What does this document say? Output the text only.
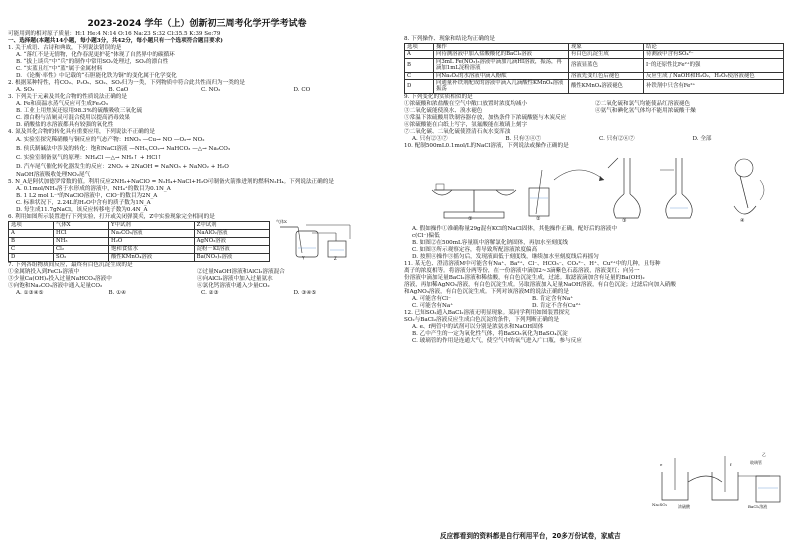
2023-2024 学年（上）创新初三周考化学开学考试卷
可能用到的相对原子质量：H:1 He:4 N:14 O:16 Na:23 S:32 Cl:35.5 K:39 Se:79
一、选择题(本题共14小题，每小题3分，共42分，每小题只有一个选项符合题目要求)
1. 关于成语、古诗和典故，下列说法错误的是
A. “落红不是无情物，化作春泥更护花”体现了自然界中的碳循环
B. “拔上谈兵”中“兵”的制作中常用SO₂处理过，SO₂的漂白性
C. “实蓝且红”中“蓝”属于金属材料
D. 《论衡·率性》中记载的“石胆能化铁为铜”的变化属于化学变化
2. 根据某种特性，将CO₂、P₂O₅、SO₂、SO₂归为一类，下列物质中符合此共性而归为一类的是
A. SO₃	B. CaO	C. NO₂	D. CO
3. 下列关于元素及其化合物的性质说法正确的是
A. Fe和高温水蒸气反应可生成Fe₂O₃
B. 工业上用焦炭还原用98.3%的硫酸吸收三氧化硫
C. 漂白粉与洁厕灵可混合使用以提高消毒效果
D. 硝酸盐的水溶液都具有较强的氧化性
4. 氮及其化合物的转化具有重要应用，下列说法不正确的是
A. 实验室探究稀硝酸与铜反应的气态产物：HNO₃ —Cu→ NO —O₂→ NO₂
B. 侯氏制碱法中涉及的转化：饱和NaCl溶液 —NH₃,CO₂→ NaHCO₃ —△→ Na₂CO₃
C. 实验室制备氨气的原理：NH₄Cl —△→ NH₃↑ + HCl↑
D. 汽车尾气催化转化器发生的反应：2NO₂ + 2NaOH = NaNO₃ + NaNO₂ + H₂O
NaOH溶液吸收处理NO₂尾气
5. N_A是阿伏加德罗常数的值。利用反应2NH₃+NaClO = N₂H₄+NaCl+H₂O可制备火箭推进剂的燃料N₂H₄。下列说法正确的是
A. 0.1mol/NH₃溶于水形成的溶液中，NH₄⁺的数目为0.1N_A
B. 1 L2 mol L⁻¹的NaClO溶液中，ClO⁻的数目为2N_A
C. 标准状况下，2.24L的H₂O中含有的质子数为1N_A
D. 每生成11.7gNaCl，该反应转移电子数为0.4N_A
6. 利用如图所示装置进行下列实验，打开或关闭弹簧夹，Z中实验现象完全相同的是
选项	气体X	Y中试剂	Z中试剂
A	HCl	Na₂CO₃溶液	NaAlO₂溶液
B	NH₃	H₂O	AgNO₃溶液
C	Cl₂	饱和食盐水	淀粉－KI溶液
D	SO₂	酸性KMnO₄溶液	Ba(NO₃)₂溶液	Y	Z
气体X
7. 下列各组物质间反应，最终有白色沉淀生成的是
①金属钠投入到FeCl₃溶液中	②过量NaOH溶液和AlCl₃溶液混合
③少量Ca(OH)₂投入过量NaHCO₃溶液中	④向AlCl₃溶液中加入过量氨水
⑤向饱和Na₂CO₃溶液中通入足量CO₂	⑥氯化钙溶液中通入少量CO₂
A. ①③④⑤	B. ①④	C. ②③	D. ③④⑤
8. 下列操作、现象和结论均正确的是
选项	操作	现象	结论
A	向待测溶液中加入盐酸酸化的BaCl₂溶液	有白色沉淀生成	待测液中含有SO₄²⁻
B	向3mL Fe(NO₃)₃溶液中滴加几滴HI溶液，振荡，再滴加1mL淀粉溶液	溶液显蓝色	I⁻的还原性比Fe²⁺的强
C	向Na₂O₂的水溶液中滴入酚酞	溶液先变红色后褪色	反应生成了NaOH和H₂O₂，H₂O₂使溶液褪色
D	向通量补铁剂配成的溶液中滴入几滴酸性KMnO₄溶液振荡	酸性KMnO₄溶液褪色	补铁剂中只含有Fe²⁺
9. 下列变化的实质相似的是
①浓硫酸和浓盐酸在空气中敞口放置时浓度均减小	②二氧化硫和氯气均能使品红溶液褪色
③二氧化硫能使溴水、溴水褪色	④氨气和碘化氢气体均不能用浓硫酸干燥
⑤常温下浓硫酸用铁制容器存放，加热条件下浓硫酸能与木炭反应
⑥浓硫酸能在白纸上写字，氢氟酸能在玻璃上刻字
⑦二氧化碳、二氧化硫使澄清石灰水变浑浊
A. 只有②③⑦	B. 只有③④⑦	C. 只有②⑥⑦	D. 全部
10. 配制500mL0.1mol/L的NaCl溶液，下列说法或操作正确的是
①	②	③	④
A. 假如操作①准确称量29g混有KCl的NaCl固体，其他操作正确，配好后的溶液中
c(Cl⁻)偏低
B. 如图②在500mL容量瓶中溶解氯化钠固体，再加水至刻度线
C. 如图③所示观察定容，将导致所配溶液浓度偏高
D. 按照④操作③摇匀后，发现液面低于刻度线，继续加水至刻度线后再摇匀
11. 某无色、澄清溶液M中可能含有Na⁺、Ba²⁺、Cl⁻、HCO₃⁻、CO₃²⁻、H⁺、Cu²⁺中的几种，且每种
离子的浓度相等。将溶液分两等份，在一份溶液中滴加2~3滴紫色石蕊溶液，溶液变红；向另一
份溶液中滴加足量BaCl₂溶液和稀盐酸，有白色沉淀生成，过滤。取滤液滴加含有足量的Ba(OH)₂
溶液，再加稀AgNO₃溶液，有白色沉淀生成。另取溶液加入足量NaOH溶液，有白色沉淀；过滤后向加入硝酸
和AgNO₃溶液，有白色沉淀生成。下列对该溶液M的说法正确的是
A. 可能含有Cl⁻	B. 肯定含有Na⁺
C. 可能含有Na⁺	D. 肯定不含有Cu²⁺
12. 已知SO₂通入BaCl₂溶液无明显现象。某同学利用如图装置探究
SO₂与BaCl₂溶液反应生成白色沉淀的条件，下列判断正确的是
A. e、f两管中的试剂可以分别是浓氨水和NaOH固体
B. 乙中产生的一定为氧化性气体，将BaSO₃氧化为BaSO₄沉淀
C. 玻璃管的作用是连通大气，使空气中的氧气进入广口瓶，参与反应
Na₂SO₃	浓硫酸
玻璃管
BaCl₂溶液
乙
e	f
反应都看到的资料都是自行利用平台，20多万份试卷，家威吉
